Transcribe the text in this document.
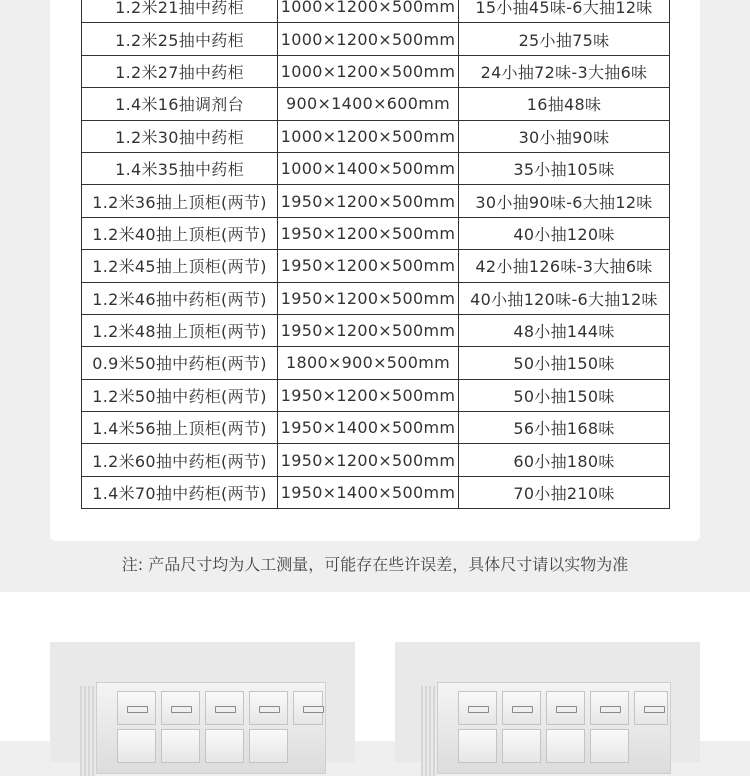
1.2米21抽中药柜	1000×1200×500mm	15小抽45味-6大抽12味
1.2米25抽中药柜	1000×1200×500mm	25小抽75味
1.2米27抽中药柜	1000×1200×500mm	24小抽72味-3大抽6味
1.4米16抽调剂台	900×1400×600mm	16抽48味
1.2米30抽中药柜	1000×1200×500mm	30小抽90味
1.4米35抽中药柜	1000×1400×500mm	35小抽105味
1.2米36抽上顶柜(两节)	1950×1200×500mm	30小抽90味-6大抽12味
1.2米40抽上顶柜(两节)	1950×1200×500mm	40小抽120味
1.2米45抽上顶柜(两节)	1950×1200×500mm	42小抽126味-3大抽6味
1.2米46抽中药柜(两节)	1950×1200×500mm	40小抽120味-6大抽12味
1.2米48抽上顶柜(两节)	1950×1200×500mm	48小抽144味
0.9米50抽中药柜(两节)	1800×900×500mm	50小抽150味
1.2米50抽中药柜(两节)	1950×1200×500mm	50小抽150味
1.4米56抽上顶柜(两节)	1950×1400×500mm	56小抽168味
1.2米60抽中药柜(两节)	1950×1200×500mm	60小抽180味
1.4米70抽中药柜(两节)	1950×1400×500mm	70小抽210味
注: 产品尺寸均为人工测量，可能存在些许误差，具体尺寸请以实物为准
